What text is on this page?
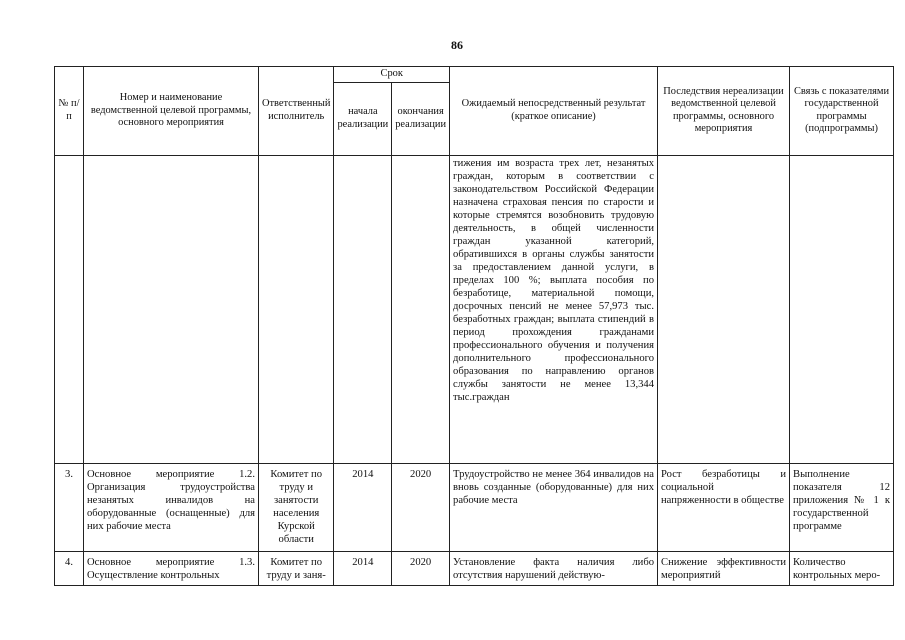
86
№ п/п	Номер и наименование ведомственной целевой программы, основного мероприятия	Ответственный исполнитель	Срок		Ожидаемый непосредственный результат (краткое описание)	Последствия нереализации ведомственной целевой программы, основного мероприятия	Связь с показателями государственной программы (подпрограммы)
			начала реализации	окончания реализации			
					тижения им возраста трех лет, незанятых граждан, которым в соответствии с законодательством Российской Федерации назначена страховая пенсия по старости и которые стремятся возобновить трудовую деятельность, в общей численности граждан указанной категорий, обратившихся в органы службы занятости за предоставлением данной услуги, в пределах 100 %; выплата пособия по безработице, материальной помощи, досрочных пенсий не менее 57,973 тыс. безработных граждан; выплата стипендий в период прохождения гражданами профессионального обучения и получения дополнительного профессионального образования по направлению органов службы занятости не менее 13,344 тыс.граждан		
3.	Основное мероприятие 1.2. Организация трудоустройства незанятых инвалидов на оборудованные (оснащенные) для них рабочие места	Комитет по труду и занятости населения Курской области	2014	2020	Трудоустройство не менее 364 инвалидов на вновь созданные (оборудованные) для них рабочие места	Рост безработицы и социальной напряженности в обществе	Выполнение показателя 12 приложения № 1 к государственной программе
4.	Основное мероприятие 1.3. Осуществление контрольных	Комитет по труду и заня-	2014	2020	Установление факта наличия либо отсутствия нарушений действую-	Снижение эффективности мероприятий	Количество контрольных меро-
